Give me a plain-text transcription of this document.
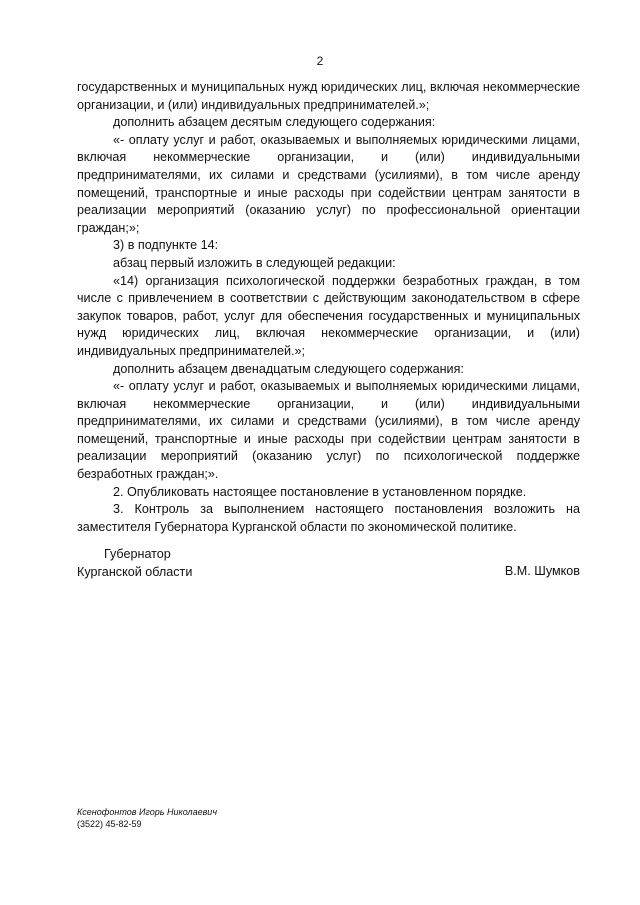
2

государственных и муниципальных нужд юридических лиц, включая некоммерческие организации, и (или) индивидуальных предпринимателей.»;

дополнить абзацем десятым следующего содержания:

«- оплату услуг и работ, оказываемых и выполняемых юридическими лицами, включая некоммерческие организации, и (или) индивидуальными предпринимателями, их силами и средствами (усилиями), в том числе аренду помещений, транспортные и иные расходы при содействии центрам занятости в реализации мероприятий (оказанию услуг) по профессиональной ориентации граждан;»;

3) в подпункте 14:

абзац первый изложить в следующей редакции:

«14) организация психологической поддержки безработных граждан, в том числе с привлечением в соответствии с действующим законодательством в сфере закупок товаров, работ, услуг для обеспечения государственных и муниципальных нужд юридических лиц, включая некоммерческие организации, и (или) индивидуальных предпринимателей.»;

дополнить абзацем двенадцатым следующего содержания:

«- оплату услуг и работ, оказываемых и выполняемых юридическими лицами, включая некоммерческие организации, и (или) индивидуальными предпринимателями, их силами и средствами (усилиями), в том числе аренду помещений, транспортные и иные расходы при содействии центрам занятости в реализации мероприятий (оказанию услуг) по психологической поддержке безработных граждан;».

2. Опубликовать настоящее постановление в установленном порядке.

3. Контроль за выполнением настоящего постановления возложить на заместителя Губернатора Курганской области по экономической политике.

Губернатор
Курганской области	В.М. Шумков
Ксенофонтов Игорь Николаевич
(3522) 45-82-59
